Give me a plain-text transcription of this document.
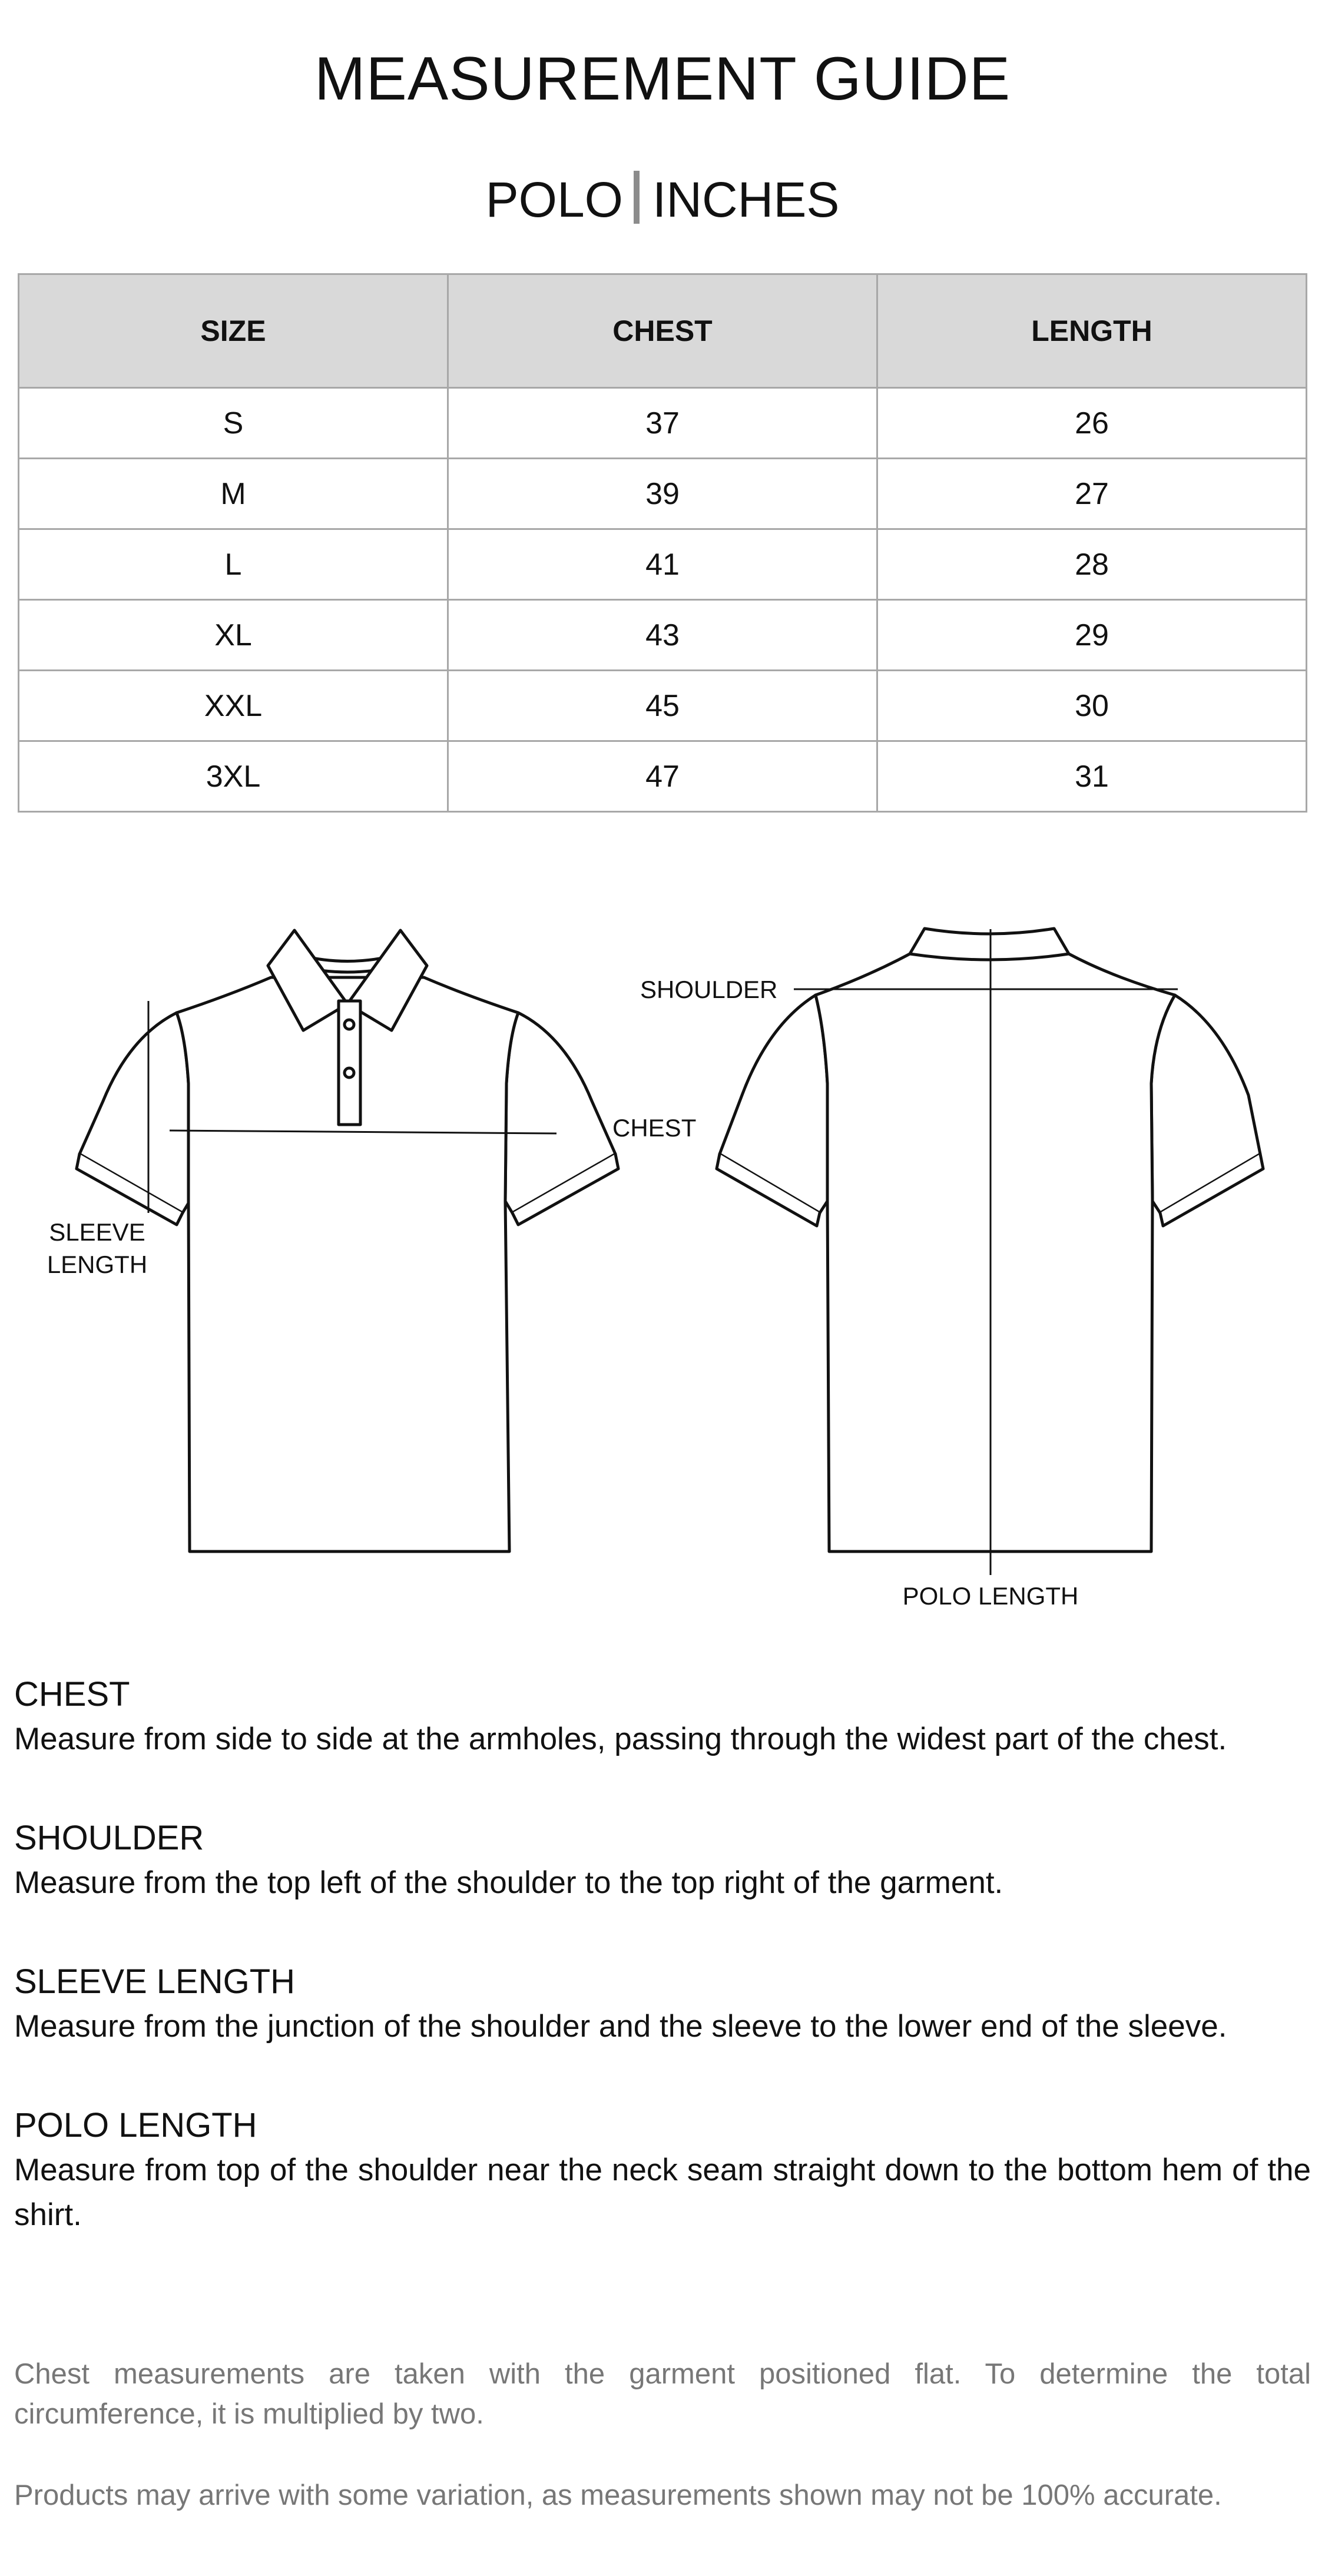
MEASUREMENT GUIDE
POLO INCHES
SIZE	CHEST	LENGTH
S	37	26
M	39	27
L	41	28
XL	43	29
XXL	45	30
3XL	47	31
SLEEVE
LENGTH
CHEST
SHOULDER
POLO LENGTH
CHEST
Measure from side to side at the armholes, passing through the widest part of the chest.
SHOULDER
Measure from the top left of the shoulder to the top right of the garment.
SLEEVE LENGTH
Measure from the junction of the shoulder and the sleeve to the lower end of the sleeve.
POLO LENGTH
Measure from top of the shoulder near the neck seam straight down to the bottom hem of the shirt.
Chest measurements are taken with the garment positioned flat. To determine the total circumference, it is multiplied by two.
Products may arrive with some variation, as measurements shown may not be 100% accurate.
